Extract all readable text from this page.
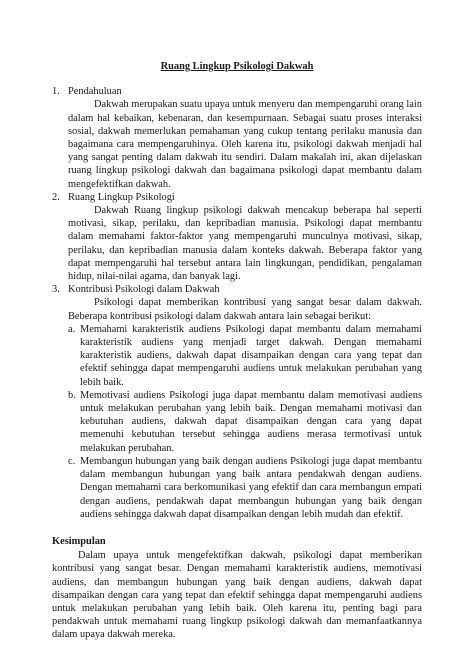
Ruang Lingkup Psikologi Dakwah
1. Pendahuluan

Dakwah merupakan suatu upaya untuk menyeru dan mempengaruhi orang lain dalam hal kebaikan, kebenaran, dan kesempurnaan. Sebagai suatu proses interaksi sosial, dakwah memerlukan pemahaman yang cukup tentang perilaku manusia dan bagaimana cara mempengaruhinya. Oleh karena itu, psikologi dakwah menjadi hal yang sangat penting dalam dakwah itu sendiri. Dalam makalah ini, akan dijelaskan ruang lingkup psikologi dakwah dan bagaimana psikologi dapat membantu dalam mengefektifkan dakwah.

2. Ruang Lingkup Psikologi

Dakwah Ruang lingkup psikologi dakwah mencakup beberapa hal seperti motivasi, sikap, perilaku, dan kepribadian manusia. Psikologi dapat membantu dalam memahami faktor-faktor yang mempengaruhi munculnya motivasi, sikap, perilaku, dan kepribadian manusia dalam konteks dakwah. Beberapa faktor yang dapat mempengaruhi hal tersebut antara lain lingkungan, pendidikan, pengalaman hidup, nilai-nilai agama, dan banyak lagi.

3. Kontribusi Psikologi dalam Dakwah

Psikologi dapat memberikan kontribusi yang sangat besar dalam dakwah. Beberapa kontribusi psikologi dalam dakwah antara lain sebagai berikut:

a. Memahami karakteristik audiens Psikologi dapat membantu dalam memahami karakteristik audiens yang menjadi target dakwah. Dengan memahami karakteristik audiens, dakwah dapat disampaikan dengan cara yang tepat dan efektif sehingga dapat mempengaruhi audiens untuk melakukan perubahan yang lebih baik.

b. Memotivasi audiens Psikologi juga dapat membantu dalam memotivasi audiens untuk melakukan perubahan yang lebih baik. Dengan memahami motivasi dan kebutuhan audiens, dakwah dapat disampaikan dengan cara yang dapat memenuhi kebutuhan tersebut sehingga audiens merasa termotivasi untuk melakukan perubahan.

c. Membangun hubungan yang baik dengan audiens Psikologi juga dapat membantu dalam membangun hubungan yang baik antara pendakwah dengan audiens. Dengan memahami cara berkomunikasi yang efektif dan cara membangun empati dengan audiens, pendakwah dapat membangun hubungan yang baik dengan audiens sehingga dakwah dapat disampaikan dengan lebih mudah dan efektif.

Kesimpulan

Dalam upaya untuk mengefektifkan dakwah, psikologi dapat memberikan kontribusi yang sangat besar. Dengan memahami karakteristik audiens, memotivasi audiens, dan membangun hubungan yang baik dengan audiens, dakwah dapat disampaikan dengan cara yang tepat dan efektif sehingga dapat mempengaruhi audiens untuk melakukan perubahan yang lebih baik. Oleh karena itu, penting bagi para pendakwah untuk memahami ruang lingkup psikologi dakwah dan memanfaatkannya dalam upaya dakwah mereka.
